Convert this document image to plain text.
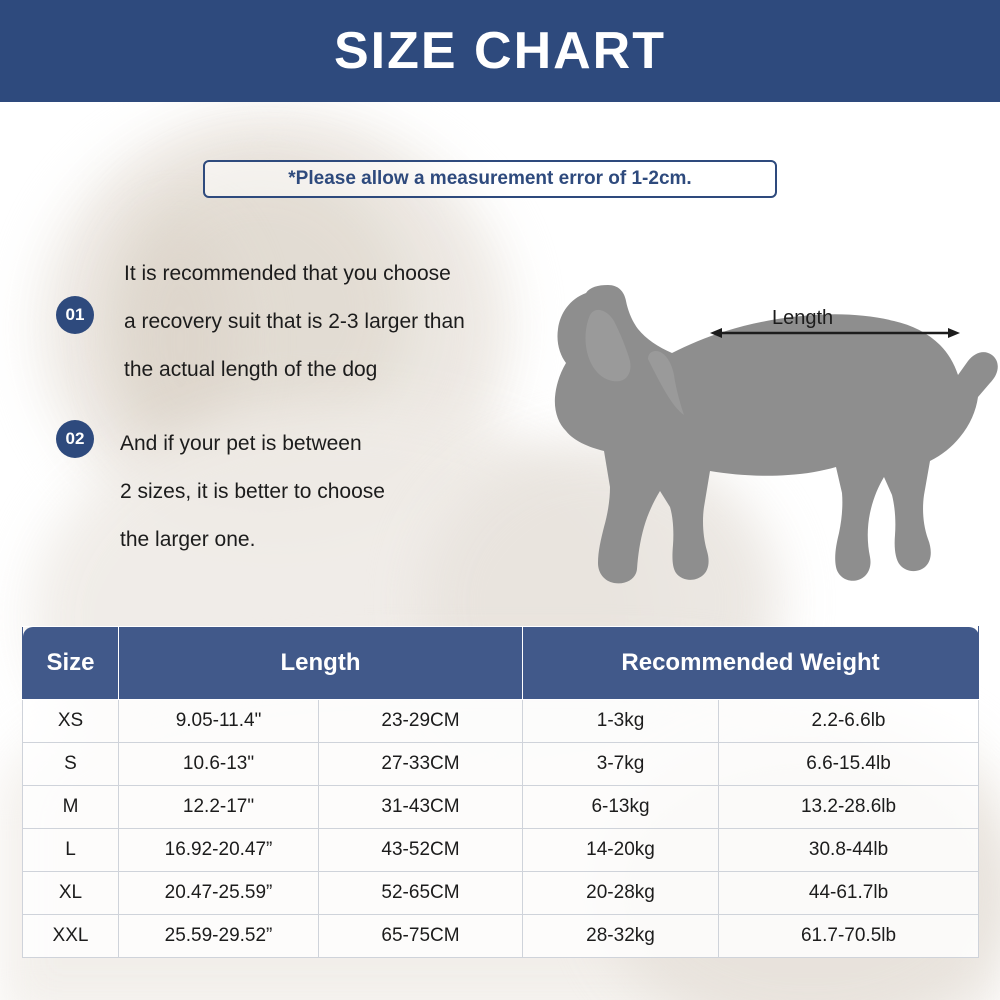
SIZE CHART
*Please allow a measurement error of 1-2cm.
01
It is recommended that you choose
a recovery suit that is 2-3 larger than
the actual length of the dog
02	And if your pet is between
2 sizes, it is better to choose
the larger one.
Length
Size	Length		Recommended Weight	
XS	9.05-11.4"	23-29CM	1-3kg	2.2-6.6lb
S	10.6-13"	27-33CM	3-7kg	6.6-15.4lb
M	12.2-17"	31-43CM	6-13kg	13.2-28.6lb
L	16.92-20.47”	43-52CM	14-20kg	30.8-44lb
XL	20.47-25.59”	52-65CM	20-28kg	44-61.7lb
XXL	25.59-29.52”	65-75CM	28-32kg	61.7-70.5lb
